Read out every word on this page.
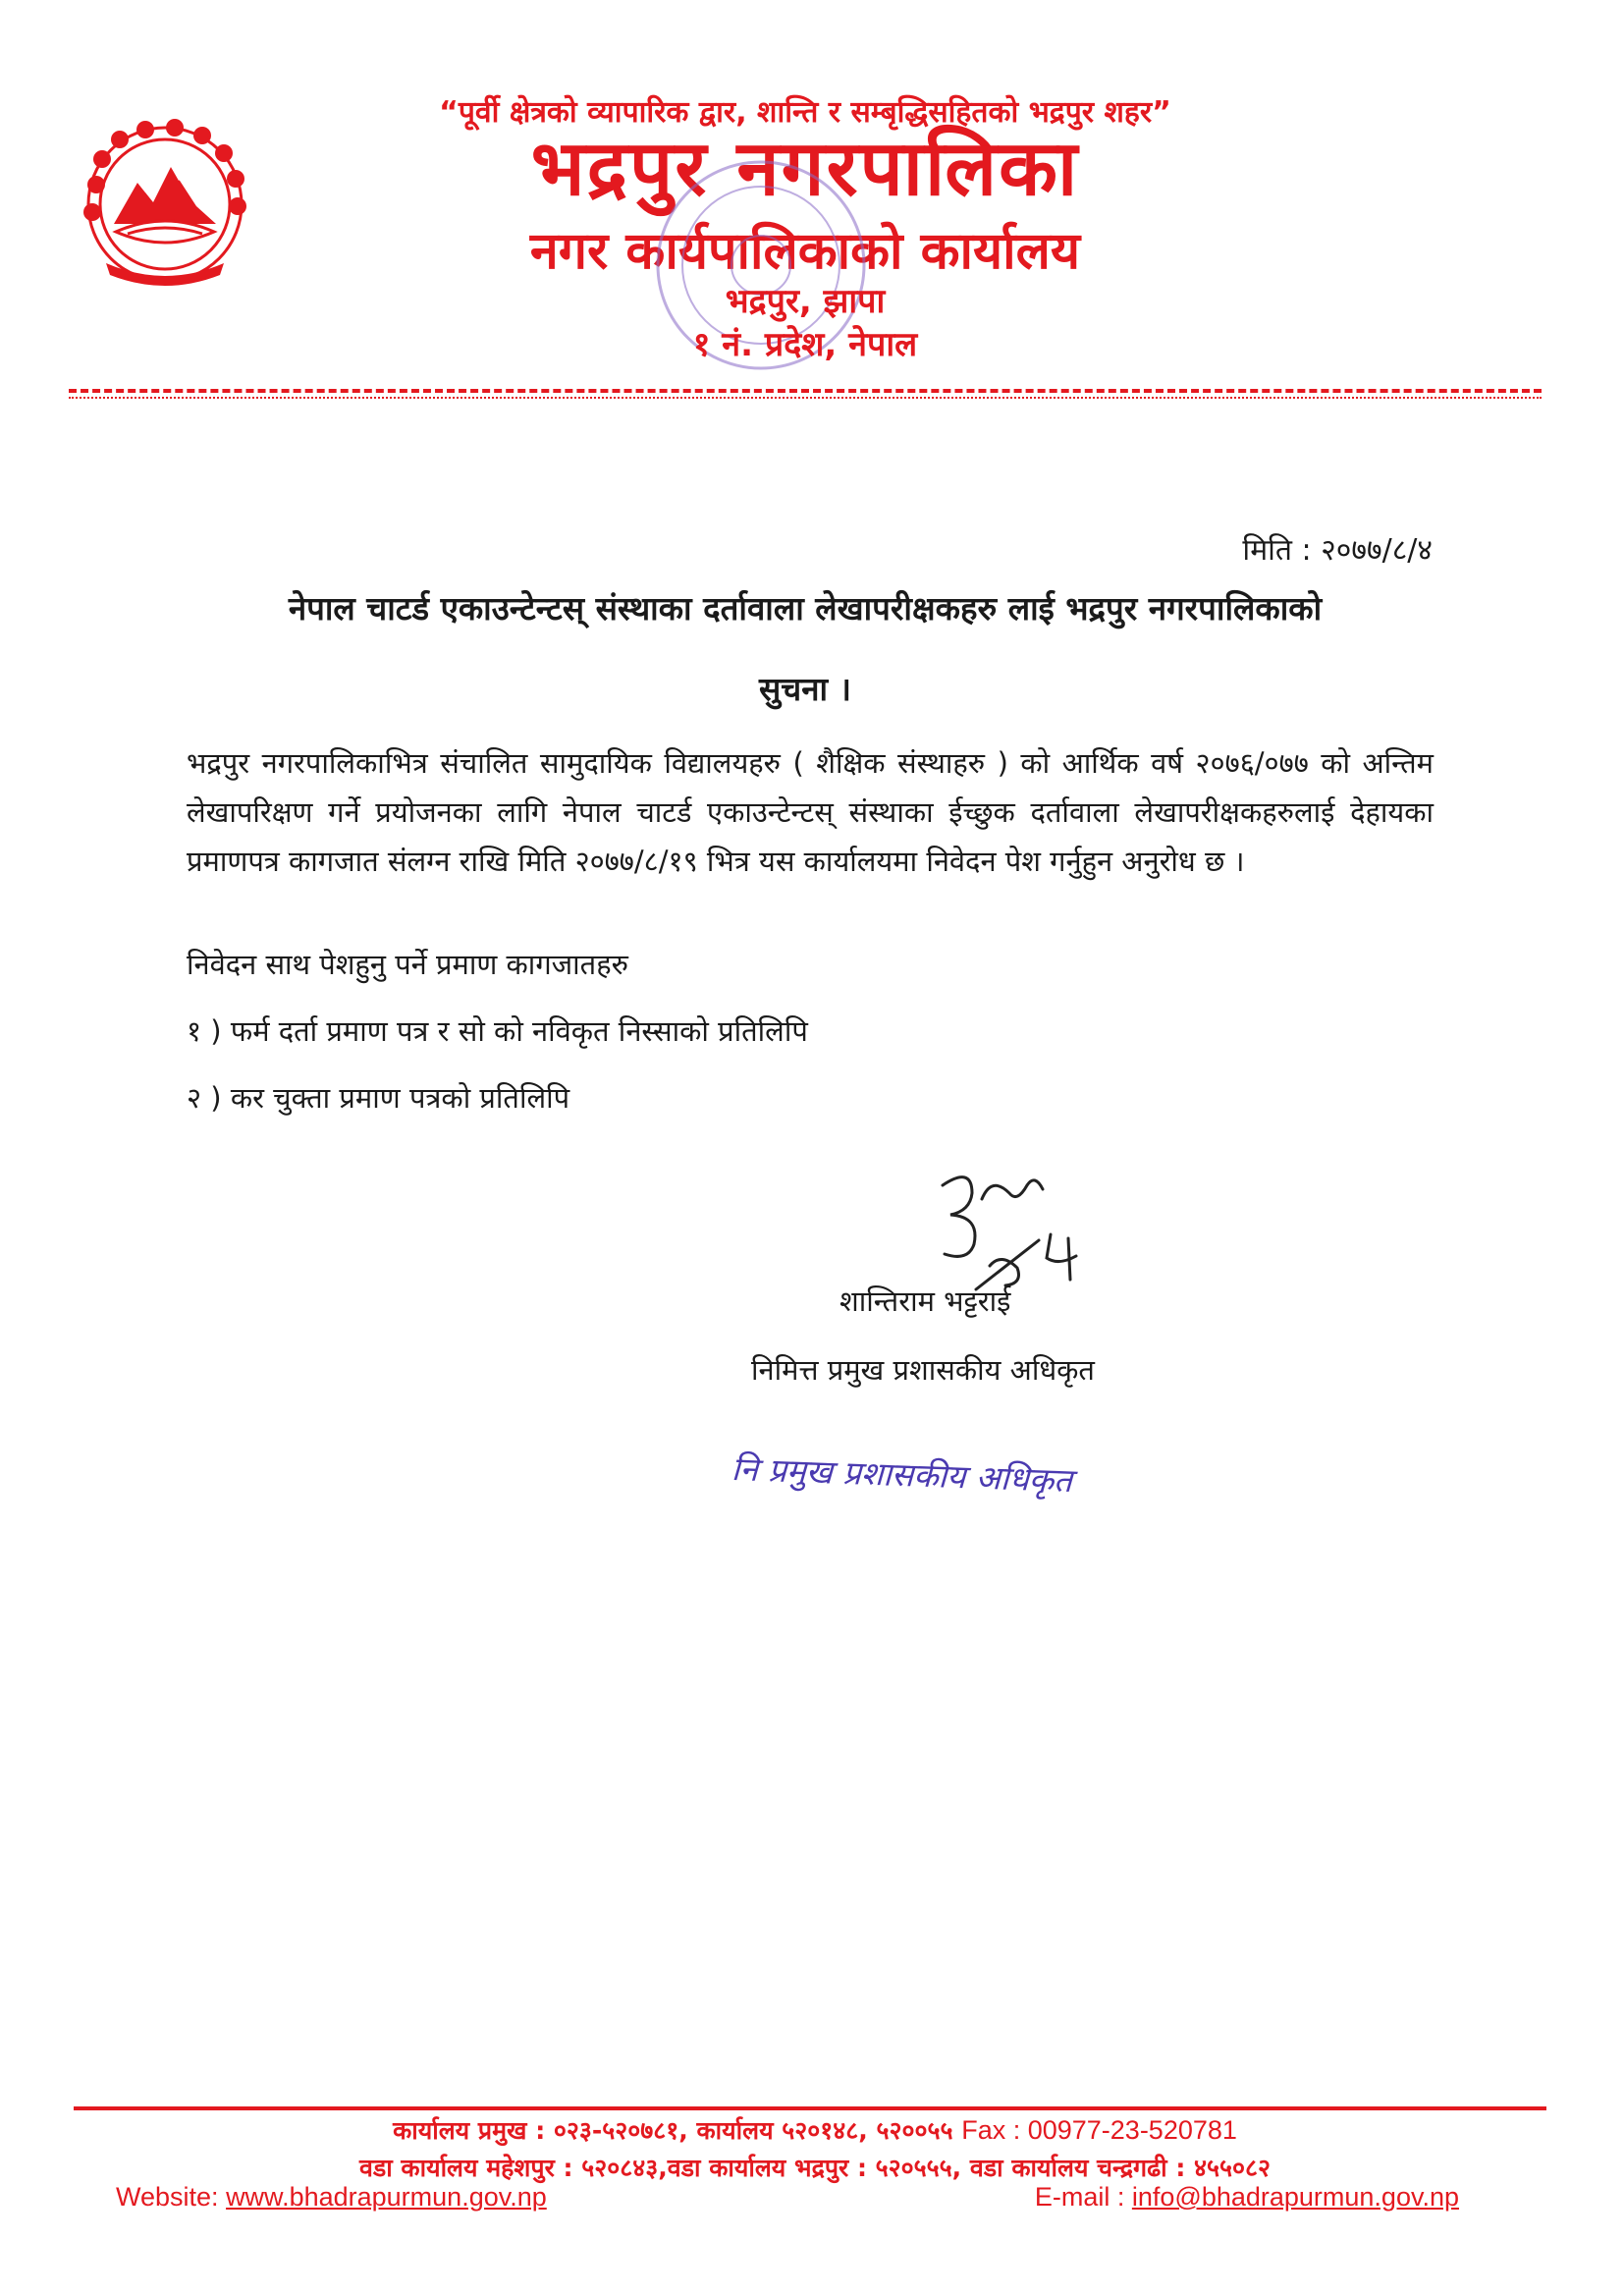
“पूर्वी क्षेत्रको व्यापारिक द्वार, शान्ति र सम्बृद्धिसहितको भद्रपुर शहर”
भद्रपुर नगरपालिका
नगर कार्यपालिकाको कार्यालय
भद्रपुर, झापा
१ नं. प्रदेश, नेपाल
मिति : २०७७/८/४
नेपाल चाटर्ड एकाउन्टेन्टस् संस्थाका दर्तावाला लेखापरीक्षकहरु लाई भद्रपुर नगरपालिकाको
सुचना ।
भद्रपुर नगरपालिकाभित्र संचालित सामुदायिक विद्यालयहरु ( शैक्षिक संस्थाहरु ) को आर्थिक वर्ष २०७६/०७७ को अन्तिम लेखापरिक्षण गर्ने प्रयोजनका लागि नेपाल चाटर्ड एकाउन्टेन्टस् संस्थाका ईच्छुक दर्तावाला लेखापरीक्षकहरुलाई देहायका प्रमाणपत्र कागजात संलग्न राखि मिति २०७७/८/१९ भित्र यस कार्यालयमा निवेदन पेश गर्नुहुन अनुरोध छ ।
निवेदन साथ पेशहुनु पर्ने प्रमाण कागजातहरु
१ ) फर्म दर्ता प्रमाण पत्र र सो को नविकृत निस्साको प्रतिलिपि
२ ) कर चुक्ता प्रमाण पत्रको प्रतिलिपि
शान्तिराम भट्टराई
निमित्त प्रमुख प्रशासकीय अधिकृत
नि प्रमुख प्रशासकीय अधिकृत
कार्यालय प्रमुख : ०२३-५२०७८१, कार्यालय ५२०१४८, ५२००५५ Fax : 00977-23-520781
वडा कार्यालय महेशपुर : ५२०८४३,वडा कार्यालय भद्रपुर : ५२०५५५, वडा कार्यालय चन्द्रगढी : ४५५०८२
Website: www.bhadrapurmun.gov.np	E-mail : info@bhadrapurmun.gov.np
